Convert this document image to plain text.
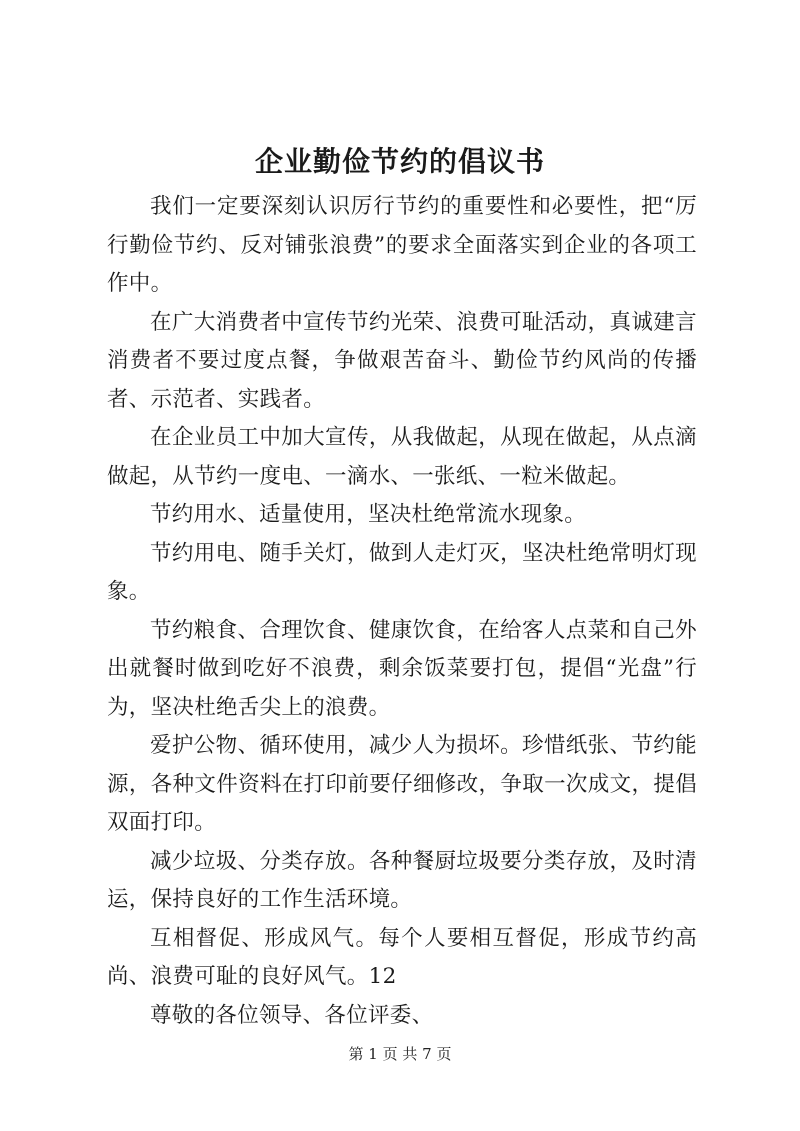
企业勤俭节约的倡议书

我们一定要深刻认识厉行节约的重要性和必要性，把“厉行勤俭节约、反对铺张浪费”的要求全面落实到企业的各项工作中。

在广大消费者中宣传节约光荣、浪费可耻活动，真诚建言消费者不要过度点餐，争做艰苦奋斗、勤俭节约风尚的传播者、示范者、实践者。

在企业员工中加大宣传，从我做起，从现在做起，从点滴做起，从节约一度电、一滴水、一张纸、一粒米做起。

节约用水、适量使用，坚决杜绝常流水现象。

节约用电、随手关灯，做到人走灯灭，坚决杜绝常明灯现象。

节约粮食、合理饮食、健康饮食，在给客人点菜和自己外出就餐时做到吃好不浪费，剩余饭菜要打包，提倡“光盘”行为，坚决杜绝舌尖上的浪费。

爱护公物、循环使用，减少人为损坏。珍惜纸张、节约能源，各种文件资料在打印前要仔细修改，争取一次成文，提倡双面打印。

减少垃圾、分类存放。各种餐厨垃圾要分类存放，及时清运，保持良好的工作生活环境。

互相督促、形成风气。每个人要相互督促，形成节约高尚、浪费可耻的良好风气。12

尊敬的各位领导、各位评委、

第 1 页 共 7 页
